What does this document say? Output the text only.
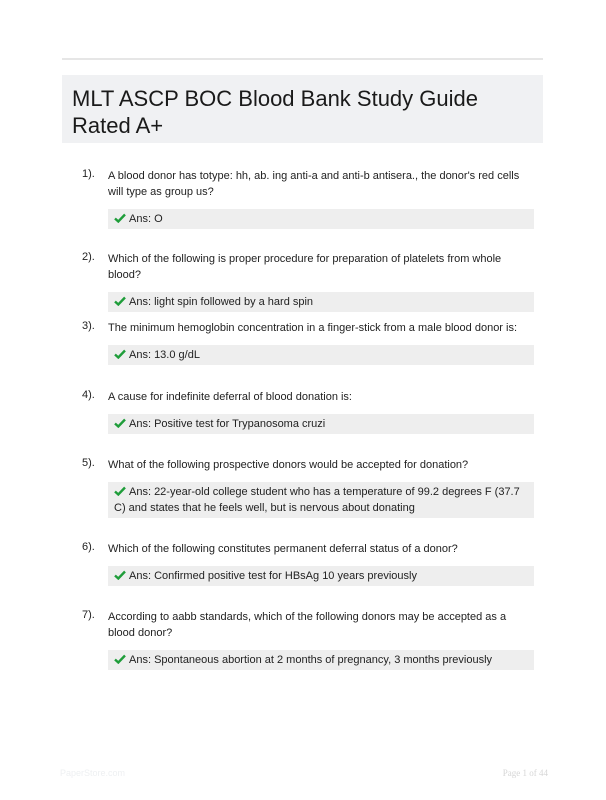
MLT ASCP BOC Blood Bank Study Guide Rated A+
1). A blood donor has totype: hh, ab. ing anti-a and anti-b antisera., the donor's red cells will type as group us?
Ans: O
2). Which of the following is proper procedure for preparation of platelets from whole blood?
Ans: light spin followed by a hard spin
3). The minimum hemoglobin concentration in a finger-stick from a male blood donor is:
Ans: 13.0 g/dL
4). A cause for indefinite deferral of blood donation is:
Ans: Positive test for Trypanosoma cruzi
5). What of the following prospective donors would be accepted for donation?
Ans: 22-year-old college student who has a temperature of 99.2 degrees F (37.7 C) and states that he feels well, but is nervous about donating
6). Which of the following constitutes permanent deferral status of a donor?
Ans: Confirmed positive test for HBsAg 10 years previously
7). According to aabb standards, which of the following donors may be accepted as a blood donor?
Ans: Spontaneous abortion at 2 months of pregnancy, 3 months previously
PaperStore.com	Page 1 of 44
